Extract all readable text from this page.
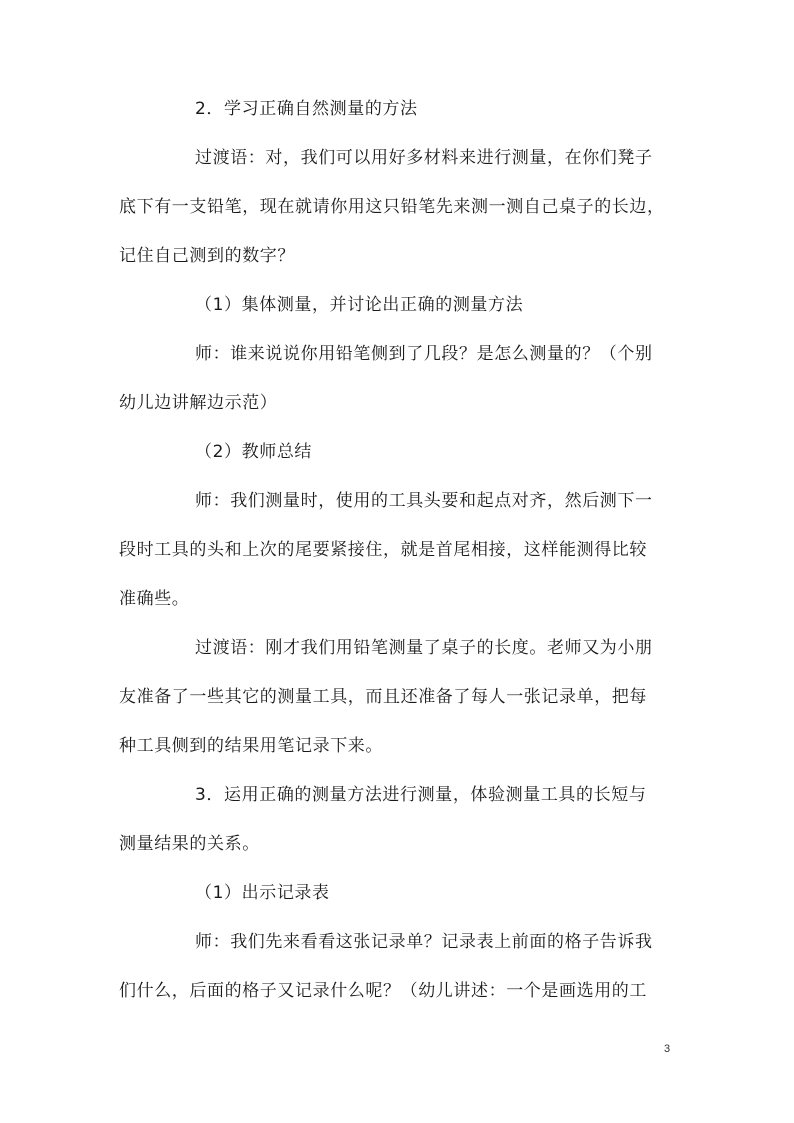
2．学习正确自然测量的方法

过渡语：对，我们可以用好多材料来进行测量，在你们凳子
底下有一支铅笔，现在就请你用这只铅笔先来测一测自己桌子的长边，
记住自己测到的数字？

（1）集体测量，并讨论出正确的测量方法

师：谁来说说你用铅笔侧到了几段？是怎么测量的？（个别
幼儿边讲解边示范）

（2）教师总结

师：我们测量时，使用的工具头要和起点对齐，然后测下一
段时工具的头和上次的尾要紧接住，就是首尾相接，这样能测得比较
准确些。

过渡语：刚才我们用铅笔测量了桌子的长度。老师又为小朋
友准备了一些其它的测量工具，而且还准备了每人一张记录单，把每
种工具侧到的结果用笔记录下来。

3．运用正确的测量方法进行测量，体验测量工具的长短与
测量结果的关系。

（1）出示记录表

师：我们先来看看这张记录单？记录表上前面的格子告诉我
们什么，后面的格子又记录什么呢？（幼儿讲述：一个是画选用的工

3
